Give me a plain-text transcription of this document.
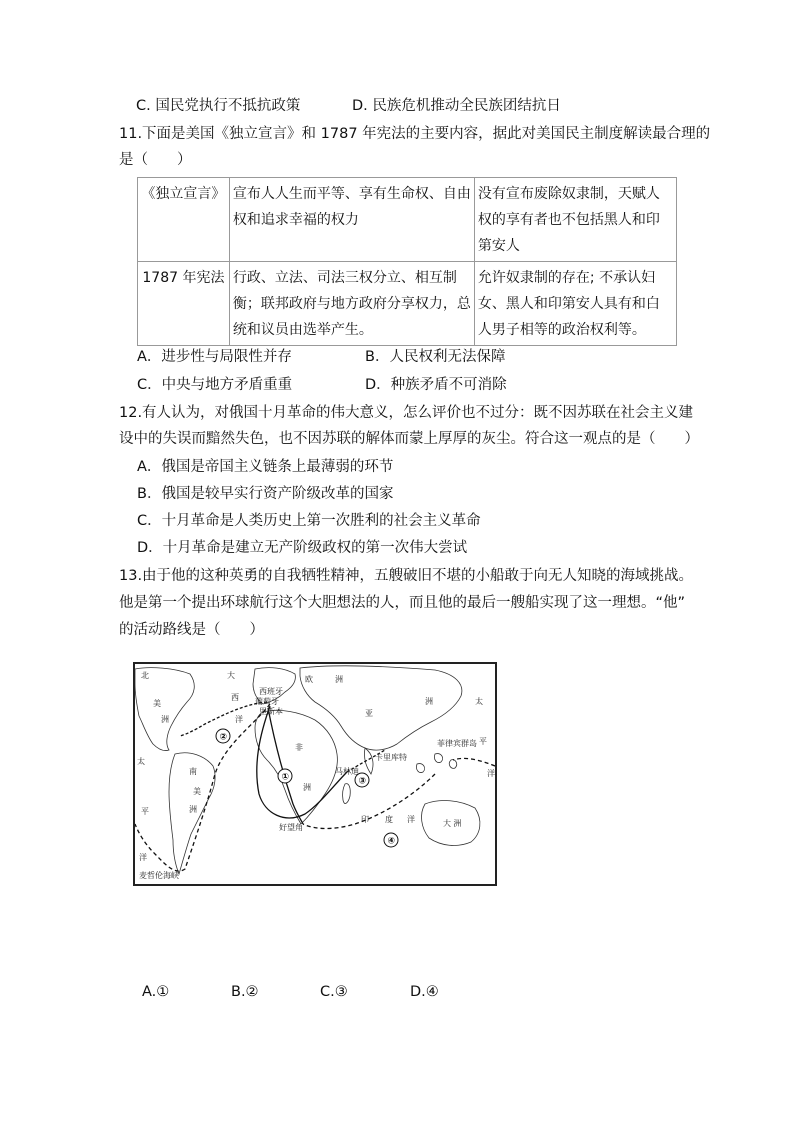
C. 国民党执行不抵抗政策	D. 民族危机推动全民族团结抗日
11.下面是美国《独立宣言》和 1787 年宪法的主要内容，据此对美国民主制度解读最合理的
是（　　）
《独立宣言》	宣布人人生而平等、享有生命权、自由权和追求幸福的权力	没有宣布废除奴隶制，天赋人权的享有者也不包括黑人和印第安人
1787 年宪法	行政、立法、司法三权分立、相互制衡；联邦政府与地方政府分享权力，总统和议员由选举产生。	允许奴隶制的存在; 不承认妇女、黑人和印第安人具有和白人男子相等的政治权利等。
A．进步性与局限性并存	B．人民权利无法保障
C．中央与地方矛盾重重	D．种族矛盾不可消除
12.有人认为，对俄国十月革命的伟大意义，怎么评价也不过分：既不因苏联在社会主义建
设中的失误而黯然失色，也不因苏联的解体而蒙上厚厚的灰尘。符合这一观点的是（　　）
A．俄国是帝国主义链条上最薄弱的环节
B．俄国是较早实行资产阶级改革的国家
C．十月革命是人类历史上第一次胜利的社会主义革命
D．十月革命是建立无产阶级政权的第一次伟大尝试
13.由于他的这种英勇的自我牺牲精神，五艘破旧不堪的小船敢于向无人知晓的海域挑战。
他是第一个提出环球航行这个大胆想法的人，而且他的最后一艘船实现了这一理想。“他”
的活动路线是（　　）
①
②
③
④
北
美
洲
大
西
洋
欧	洲
亚
洲
非
洲
南
美
洲
印 度 洋
太
平
洋
太
平
洋
大 洲
西班牙
葡萄牙
里斯本
卡里库特
马林迪
好望角
菲律宾群岛
麦哲伦海峡
A.①	B.②	C.③	D.④
